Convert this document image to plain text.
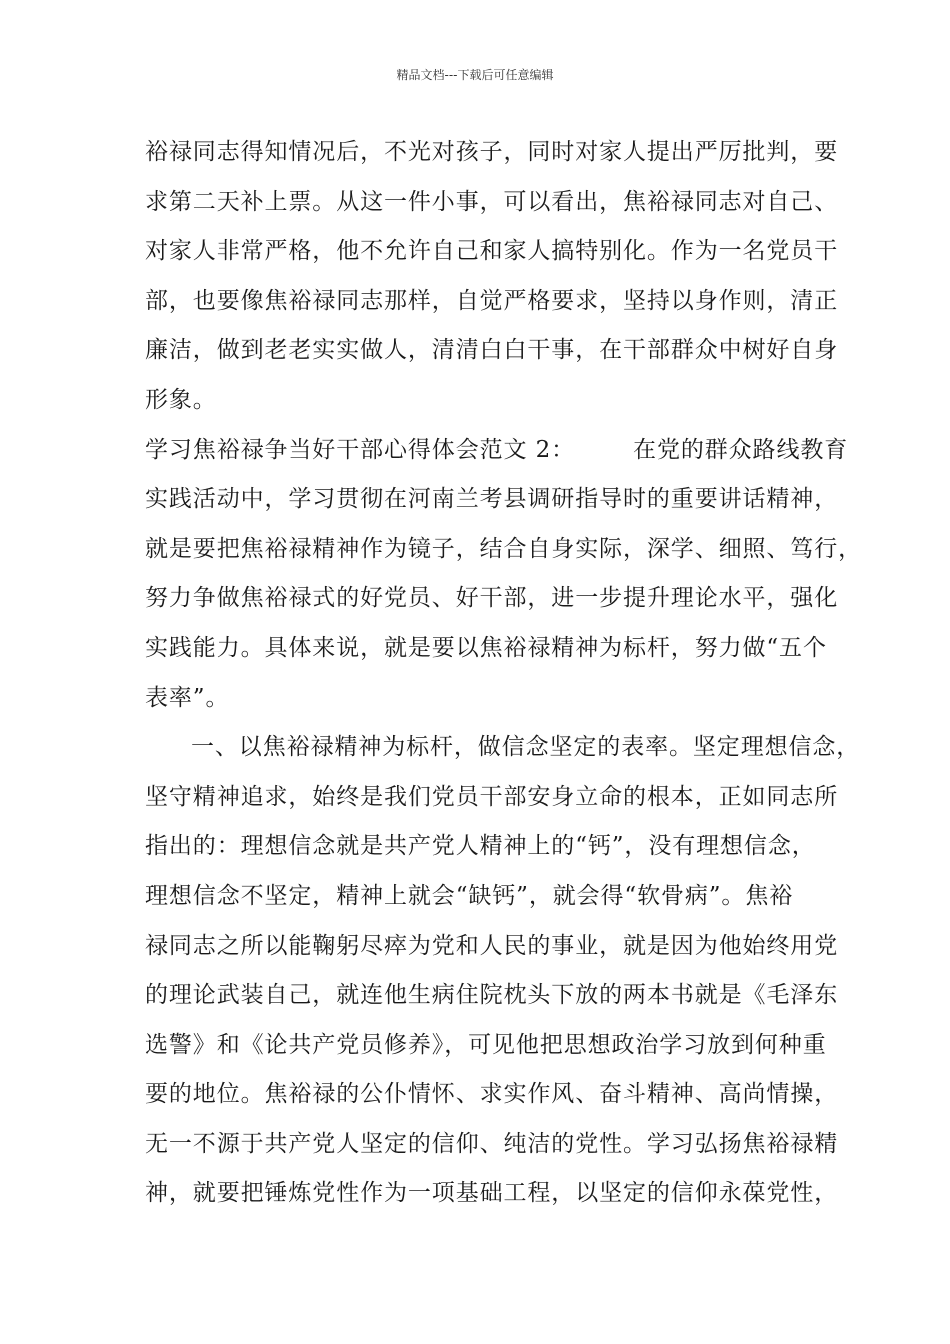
精品文档---下载后可任意编辑
裕禄同志得知情况后，不光对孩子，同时对家人提出严厉批判，要
求第二天补上票。从这一件小事，可以看出，焦裕禄同志对自己、
对家人非常严格，他不允许自己和家人搞特别化。作为一名党员干
部，也要像焦裕禄同志那样，自觉严格要求，坚持以身作则，清正
廉洁，做到老老实实做人，清清白白干事，在干部群众中树好自身
形象。
学习焦裕禄争当好干部心得体会范文 2：	在党的群众路线教育
实践活动中，学习贯彻在河南兰考县调研指导时的重要讲话精神，
就是要把焦裕禄精神作为镜子，结合自身实际，深学、细照、笃行，
努力争做焦裕禄式的好党员、好干部，进一步提升理论水平，强化
实践能力。具体来说，就是要以焦裕禄精神为标杆，努力做“五个
表率”。
一、以焦裕禄精神为标杆，做信念坚定的表率。坚定理想信念，
坚守精神追求，始终是我们党员干部安身立命的根本，正如同志所
指出的：理想信念就是共产党人精神上的“钙”，没有理想信念，
理想信念不坚定，精神上就会“缺钙”，就会得“软骨病”。焦裕
禄同志之所以能鞠躬尽瘁为党和人民的事业，就是因为他始终用党
的理论武装自己，就连他生病住院枕头下放的两本书就是《毛泽东
选警》和《论共产党员修养》，可见他把思想政治学习放到何种重
要的地位。焦裕禄的公仆情怀、求实作风、奋斗精神、高尚情操，
无一不源于共产党人坚定的信仰、纯洁的党性。学习弘扬焦裕禄精
神，就要把锤炼党性作为一项基础工程，以坚定的信仰永葆党性，
